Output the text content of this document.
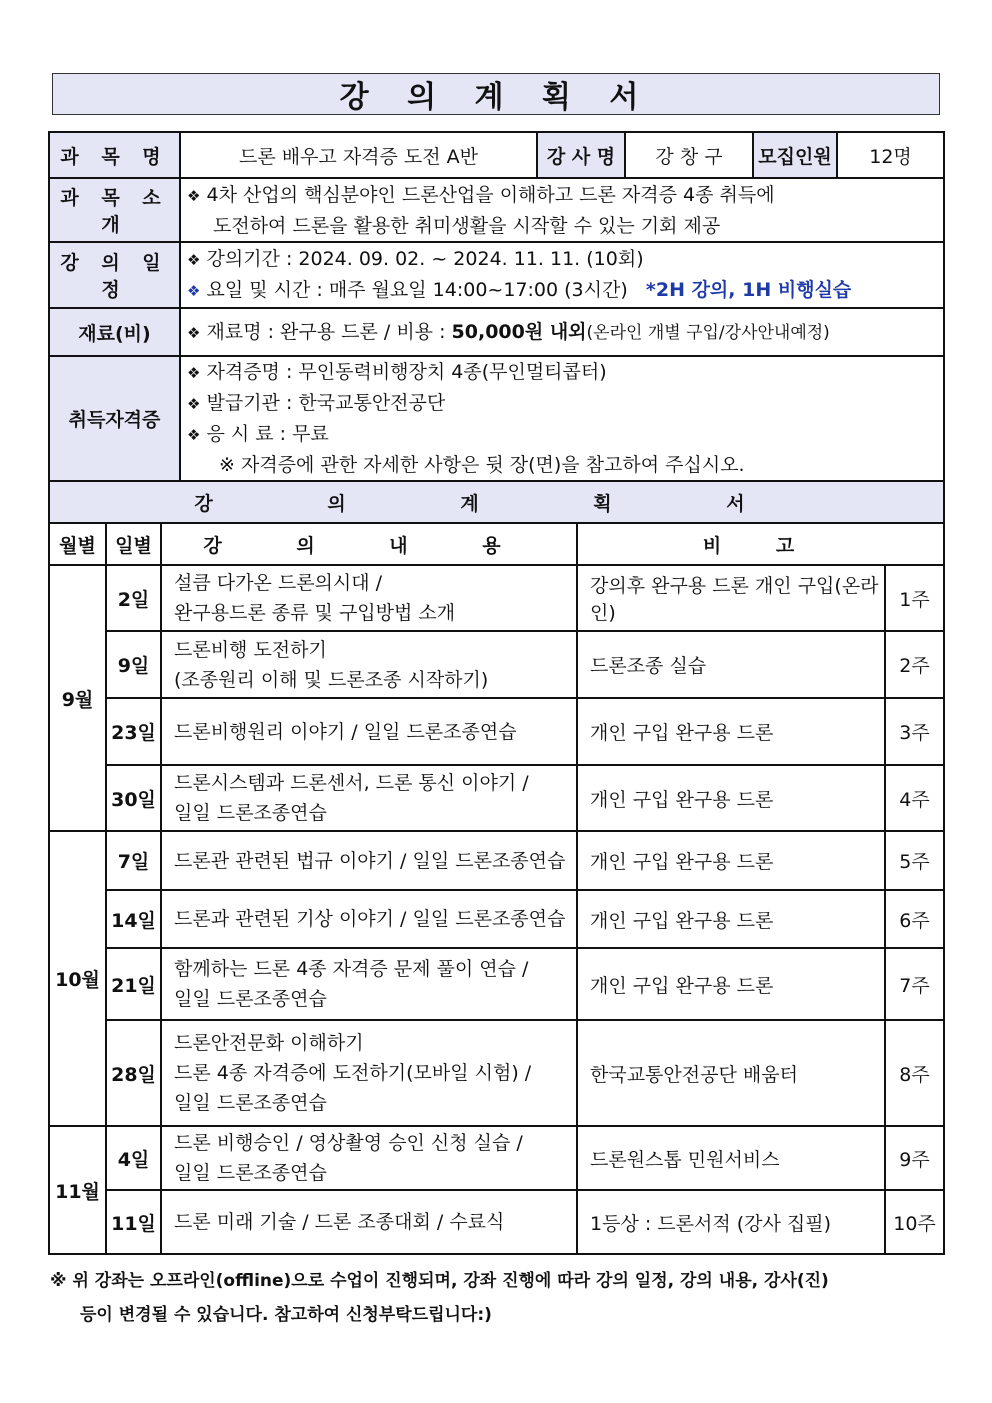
강 의 계 획 서
과 목 명	드론 배우고 자격증 도전 A반	강 사 명	강 창 구	모집인원	12명
과 목 소 개	❖ 4차 산업의 핵심분야인 드론산업을 이해하고 드론 자격증 4종 취득에
도전하여 드론을 활용한 취미생활을 시작할 수 있는 기회 제공				

강 의 일 정	❖ 강의기간 : 2024. 09. 02. ~ 2024. 11. 11. (10회)
❖ 요일 및 시간 : 매주 월요일 14:00~17:00 (3시간) *2H 강의, 1H 비행실습				

재료(비)	❖ 재료명 : 완구용 드론 / 비용 : 50,000원 내외(온라인 개별 구입/강사안내예정)				

취득자격증	❖ 자격증명 : 무인동력비행장치 4종(무인멀티콥터)
❖ 발급기관 : 한국교통안전공단
❖ 응 시 료 : 무료
※ 자격증에 관한 자세한 사항은 뒷 장(면)을 참고하여 주십시오.				

강 의 계 획 서					
월별	일별	강 의 내 용	비 고	
9월	2일	설큼 다가온 드론의시대 /
완구용드론 종류 및 구입방법 소개	강의후 완구용 드론 개인 구입(온라인)	1주
	9일	드론비행 도전하기
(조종원리 이해 및 드론조종 시작하기)	드론조종 실습	2주
	23일	드론비행원리 이야기 / 일일 드론조종연습	개인 구입 완구용 드론	3주
	30일	드론시스템과 드론센서, 드론 통신 이야기 /
일일 드론조종연습	개인 구입 완구용 드론	4주
10월	7일	드론관 관련된 법규 이야기 / 일일 드론조종연습	개인 구입 완구용 드론	5주
	14일	드론과 관련된 기상 이야기 / 일일 드론조종연습	개인 구입 완구용 드론	6주
	21일	함께하는 드론 4종 자격증 문제 풀이 연습 /
일일 드론조종연습	개인 구입 완구용 드론	7주
	28일	드론안전문화 이해하기
드론 4종 자격증에 도전하기(모바일 시험) /
일일 드론조종연습	한국교통안전공단 배움터	8주
11월	4일	드론 비행승인 / 영상촬영 승인 신청 실습 /
일일 드론조종연습	드론원스톱 민원서비스	9주
	11일	드론 미래 기술 / 드론 조종대회 / 수료식	1등상 : 드론서적 (강사 집필)	10주
※ 위 강좌는 오프라인(offline)으로 수업이 진행되며, 강좌 진행에 따라 강의 일정, 강의 내용, 강사(진)
등이 변경될 수 있습니다. 참고하여 신청부탁드립니다:)
